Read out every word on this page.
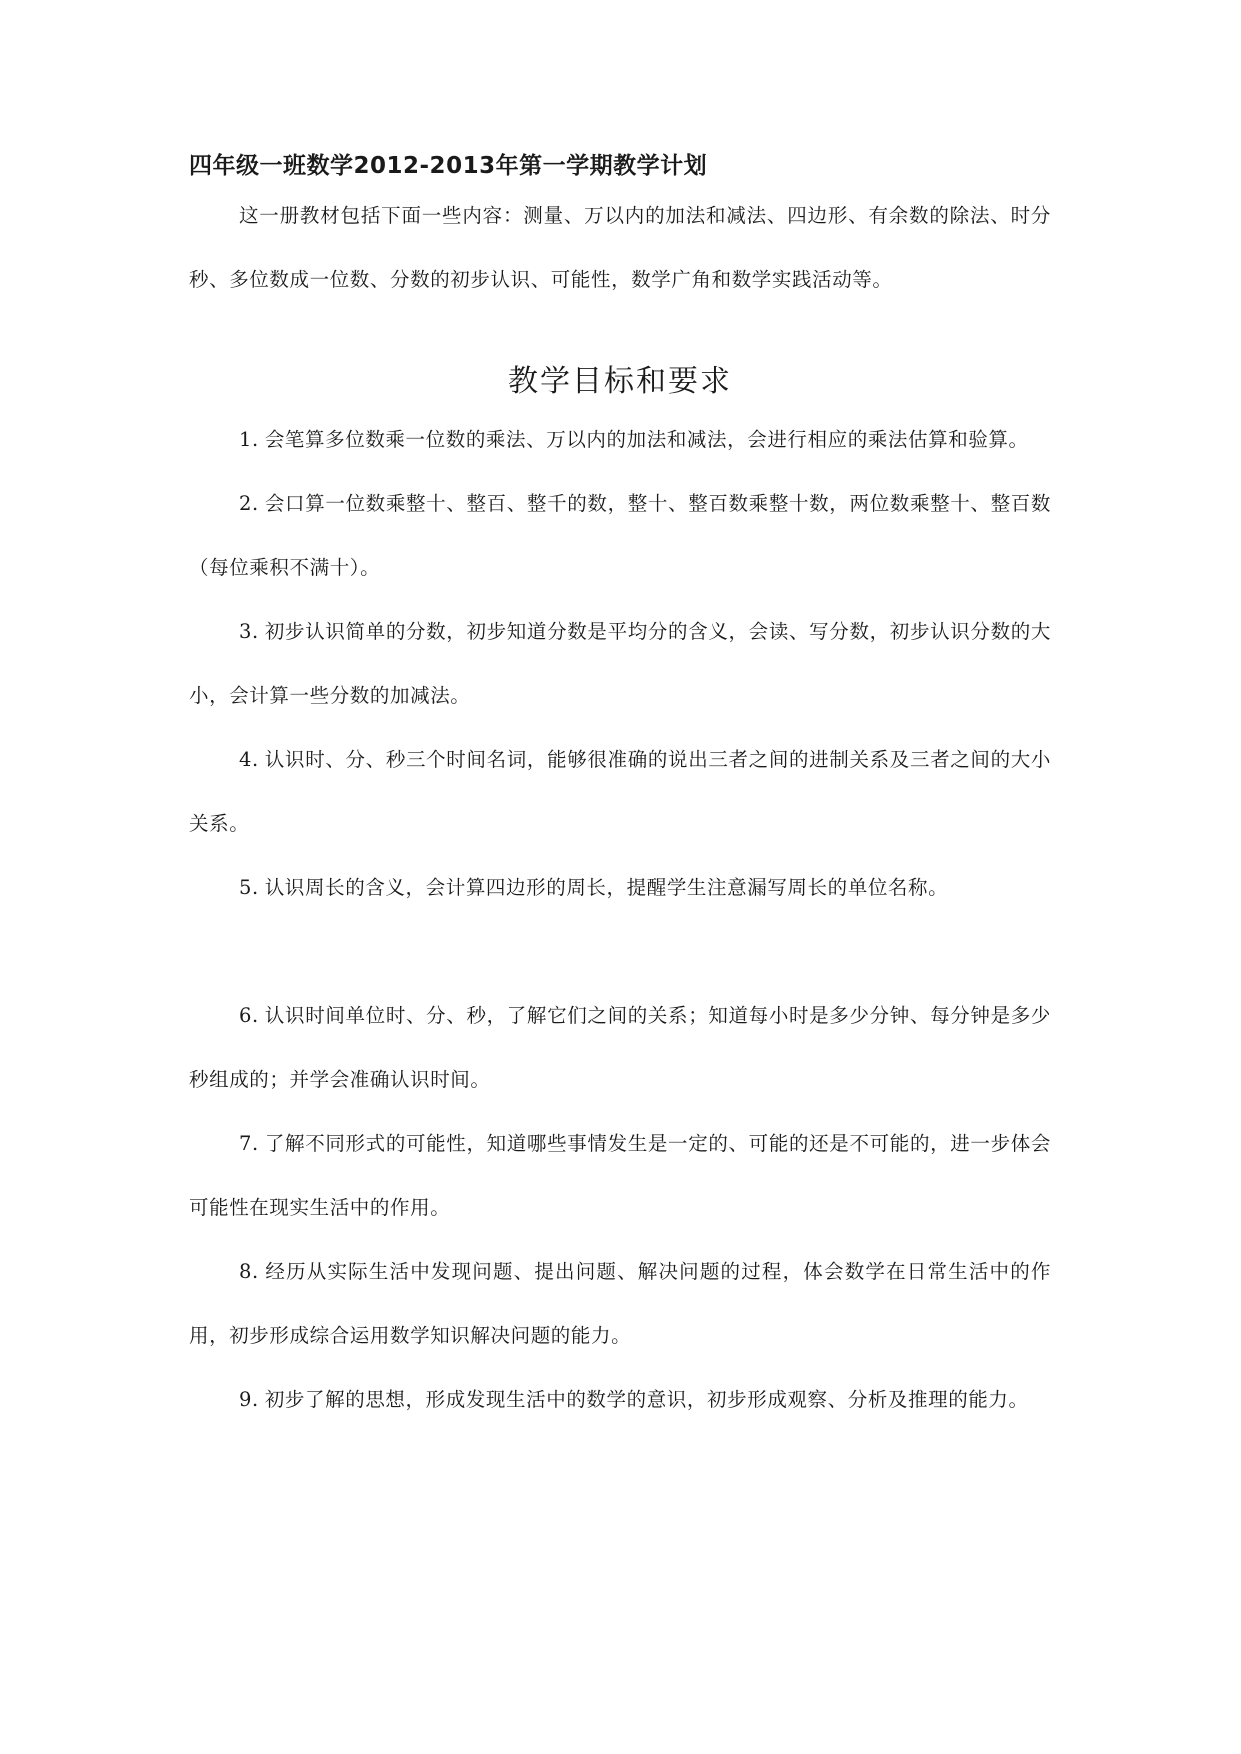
四年级一班数学2012-2013年第一学期教学计划

这一册教材包括下面一些内容：测量、万以内的加法和减法、四边形、有余数的除法、时分秒、多位数成一位数、分数的初步认识、可能性，数学广角和数学实践活动等。

教学目标和要求

1. 会笔算多位数乘一位数的乘法、万以内的加法和减法，会进行相应的乘法估算和验算。

2. 会口算一位数乘整十、整百、整千的数，整十、整百数乘整十数，两位数乘整十、整百数（每位乘积不满十）。

3. 初步认识简单的分数，初步知道分数是平均分的含义，会读、写分数，初步认识分数的大小，会计算一些分数的加减法。

4. 认识时、分、秒三个时间名词，能够很准确的说出三者之间的进制关系及三者之间的大小关系。

5. 认识周长的含义，会计算四边形的周长，提醒学生注意漏写周长的单位名称。

6. 认识时间单位时、分、秒，了解它们之间的关系；知道每小时是多少分钟、每分钟是多少秒组成的；并学会准确认识时间。

7. 了解不同形式的可能性，知道哪些事情发生是一定的、可能的还是不可能的，进一步体会可能性在现实生活中的作用。

8. 经历从实际生活中发现问题、提出问题、解决问题的过程，体会数学在日常生活中的作用，初步形成综合运用数学知识解决问题的能力。

9. 初步了解的思想，形成发现生活中的数学的意识，初步形成观察、分析及推理的能力。
